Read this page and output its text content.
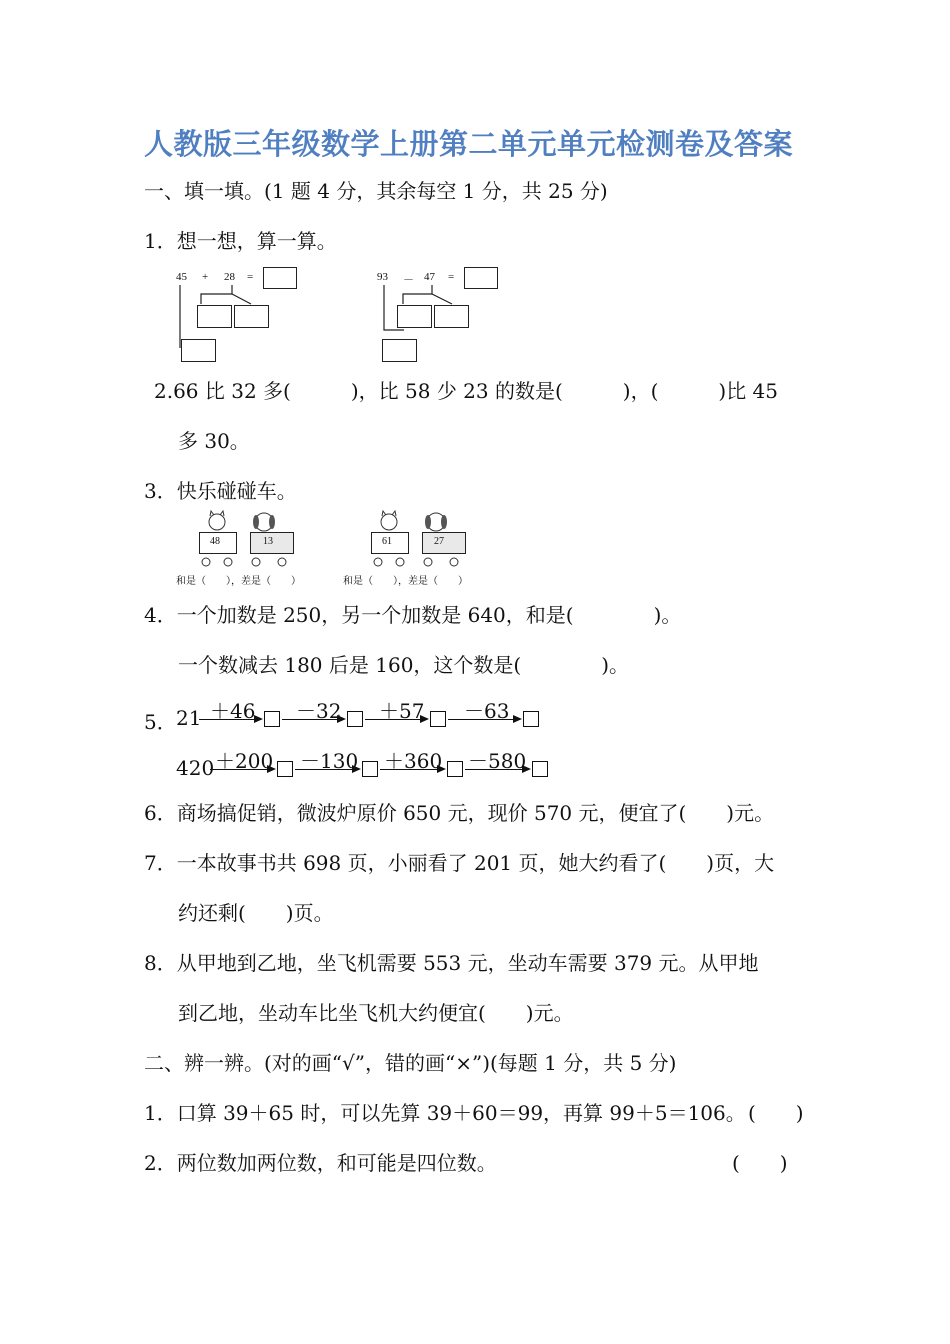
人教版三年级数学上册第二单元单元检测卷及答案
一、填一填。(1 题 4 分，其余每空 1 分，共 25 分)
1．想一想，算一算。
45 + 28 =	93 － 47 =
2.66 比 32 多(　　　)，比 58 少 23 的数是(　　　)，(　　　)比 45
多 30。
3．快乐碰碰车。
48	13	61	27
和是（　　），差是（　　）	和是（　　），差是（　　）
4．一个加数是 250，另一个加数是 640，和是(　　　　)。
一个数减去 180 后是 160，这个数是(　　　　)。
5． 21 ＋46 －32 ＋57 －63
420 ＋200 －130 ＋360 －580
6．商场搞促销，微波炉原价 650 元，现价 570 元，便宜了(　　)元。
7．一本故事书共 698 页，小丽看了 201 页，她大约看了(　　)页，大
约还剩(　　)页。
8．从甲地到乙地，坐飞机需要 553 元，坐动车需要 379 元。从甲地
到乙地，坐动车比坐飞机大约便宜(　　)元。
二、辨一辨。(对的画“√”，错的画“×”)(每题 1 分，共 5 分)
1．口算 39＋65 时，可以先算 39＋60＝99，再算 99＋5＝106。 (　　)
2．两位数加两位数，和可能是四位数。	(　　)
